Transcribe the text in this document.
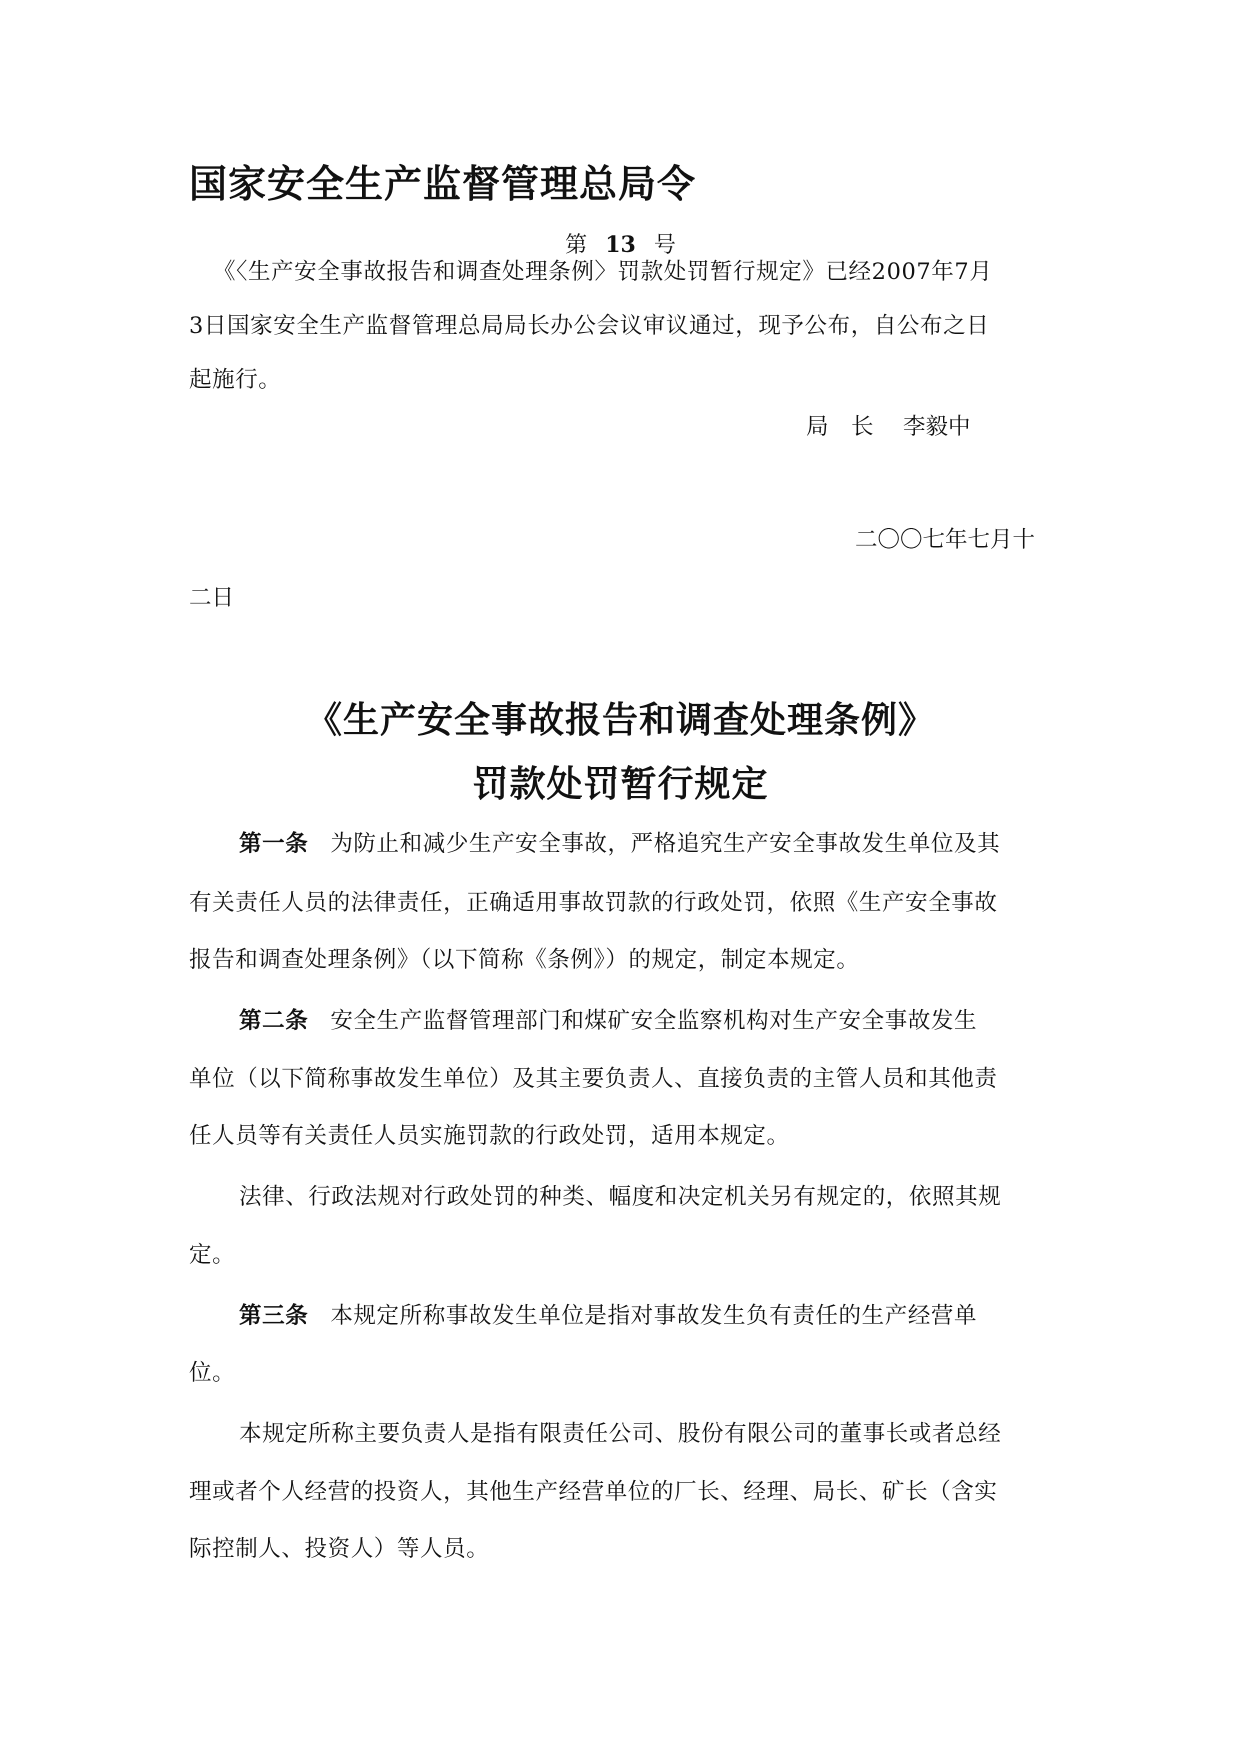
国家安全生产监督管理总局令
第 13 号

《〈生产安全事故报告和调查处理条例〉罚款处罚暂行规定》已经2007年7月

3日国家安全生产监督管理总局局长办公会议审议通过，现予公布，自公布之日

起施行。

局　长 李毅中

二〇〇七年七月十

二日

《生产安全事故报告和调查处理条例》
罚款处罚暂行规定

第一条 为防止和减少生产安全事故，严格追究生产安全事故发生单位及其

有关责任人员的法律责任，正确适用事故罚款的行政处罚，依照《生产安全事故

报告和调查处理条例》（以下简称《条例》）的规定，制定本规定。

第二条 安全生产监督管理部门和煤矿安全监察机构对生产安全事故发生

单位（以下简称事故发生单位）及其主要负责人、直接负责的主管人员和其他责

任人员等有关责任人员实施罚款的行政处罚，适用本规定。

法律、行政法规对行政处罚的种类、幅度和决定机关另有规定的，依照其规

定。

第三条 本规定所称事故发生单位是指对事故发生负有责任的生产经营单

位。

本规定所称主要负责人是指有限责任公司、股份有限公司的董事长或者总经

理或者个人经营的投资人，其他生产经营单位的厂长、经理、局长、矿长（含实

际控制人、投资人）等人员。
